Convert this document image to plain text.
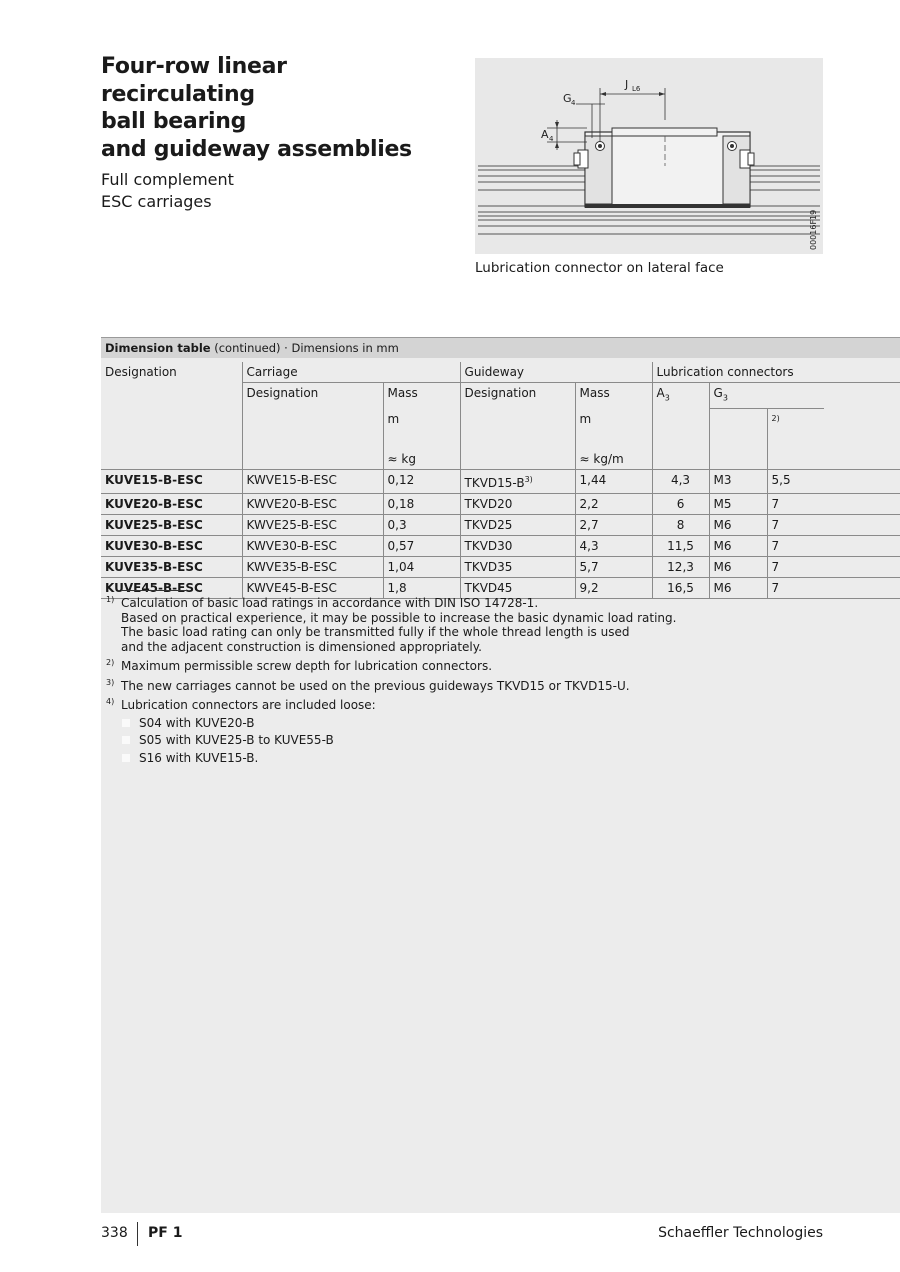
Four-row linear recirculating
ball bearing
and guideway assemblies
Full complement
ESC carriages
J L6
G 4
A 4
00016F19
Lubrication connector on lateral face
Dimension table (continued) · Dimensions in mm
Designation	Carriage		Guideway		Lubrication connectors			
	Designation	Mass	Designation	Mass	$A_3$	$G_3$	
		m		m			2)	

		≈ kg		≈ kg/m				
KUVE15-B-ESC	KWVE15-B-ESC	0,12	$TKVD15-B^{3)}$	1,44	4,3	M3	5,5	
KUVE20-B-ESC	KWVE20-B-ESC	0,18	TKVD20	2,2	6	M5	7	
KUVE25-B-ESC	KWVE25-B-ESC	0,3	TKVD25	2,7	8	M6	7	
KUVE30-B-ESC	KWVE30-B-ESC	0,57	TKVD30	4,3	11,5	M6	7	
KUVE35-B-ESC	KWVE35-B-ESC	1,04	TKVD35	5,7	12,3	M6	7	
KUVE45-B-ESC	KWVE45-B-ESC	1,8	TKVD45	9,2	16,5	M6	7	
1) Calculation of basic load ratings in accordance with DIN ISO 14728-1.
Based on practical experience, it may be possible to increase the basic dynamic load rating.
The basic load rating can only be transmitted fully if the whole thread length is used
and the adjacent construction is dimensioned appropriately.
2) Maximum permissible screw depth for lubrication connectors.
3) The new carriages cannot be used on the previous guideways TKVD15 or TKVD15-U.
4) Lubrication connectors are included loose:
S04 with KUVE20-B
S05 with KUVE25-B to KUVE55-B
S16 with KUVE15-B.
338 PF 1	Schaeffler Technologies
